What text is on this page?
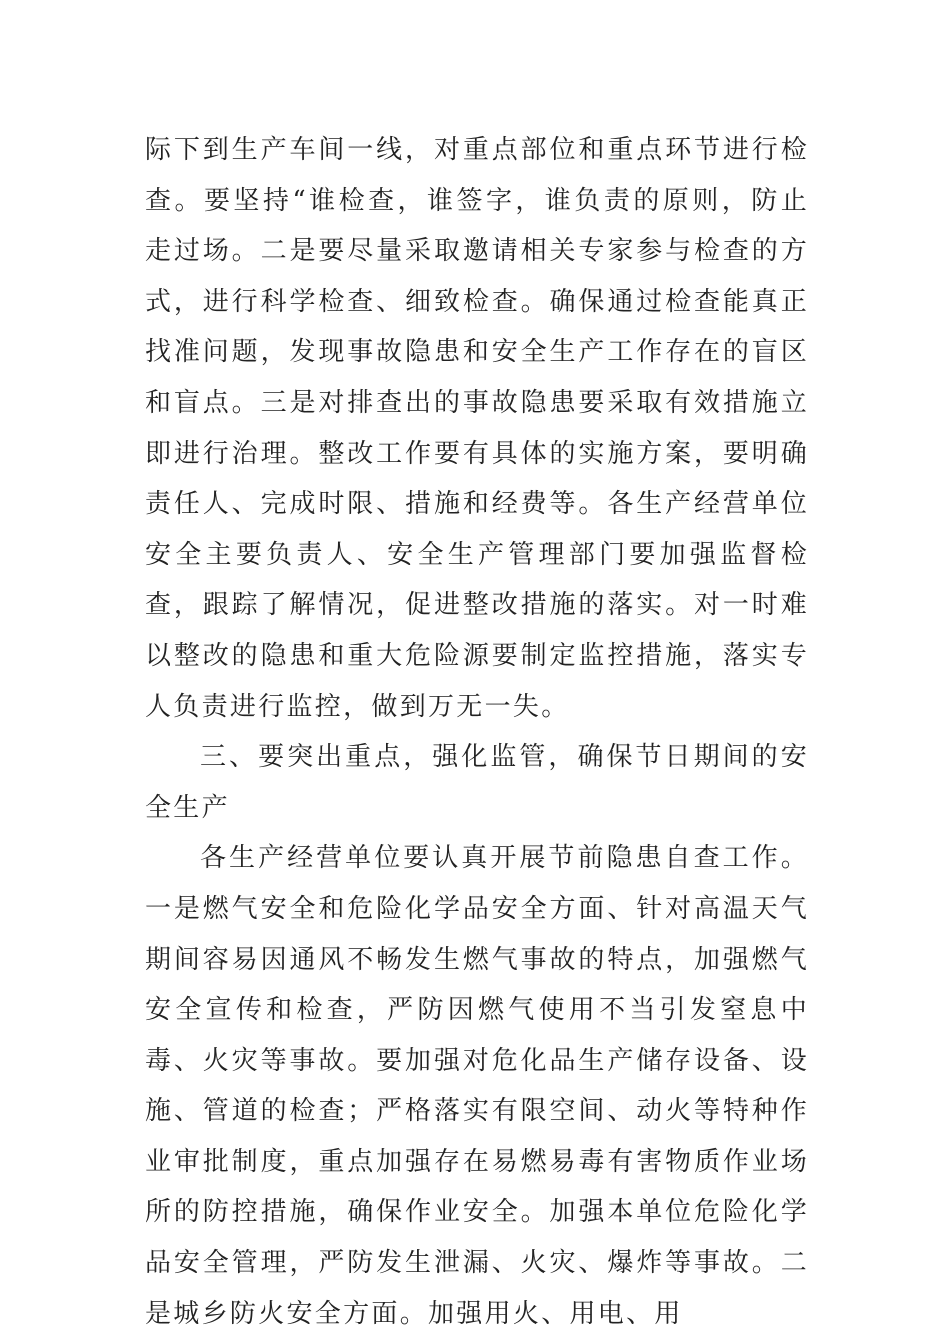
际下到生产车间一线，对重点部位和重点环节进行检查。要坚持“谁检查，谁签字，谁负责的原则，防止走过场。二是要尽量采取邀请相关专家参与检查的方式，进行科学检查、细致检查。确保通过检查能真正找准问题，发现事故隐患和安全生产工作存在的盲区和盲点。三是对排查出的事故隐患要采取有效措施立即进行治理。整改工作要有具体的实施方案，要明确责任人、完成时限、措施和经费等。各生产经营单位安全主要负责人、安全生产管理部门要加强监督检查，跟踪了解情况，促进整改措施的落实。对一时难以整改的隐患和重大危险源要制定监控措施，落实专人负责进行监控，做到万无一失。

三、要突出重点，强化监管，确保节日期间的安全生产

各生产经营单位要认真开展节前隐患自查工作。一是燃气安全和危险化学品安全方面、针对高温天气期间容易因通风不畅发生燃气事故的特点，加强燃气安全宣传和检查，严防因燃气使用不当引发窒息中毒、火灾等事故。要加强对危化品生产储存设备、设施、管道的检查；严格落实有限空间、动火等特种作业审批制度，重点加强存在易燃易毒有害物质作业场所的防控措施，确保作业安全。加强本单位危险化学品安全管理，严防发生泄漏、火灾、爆炸等事故。二是城乡防火安全方面。加强用火、用电、用
